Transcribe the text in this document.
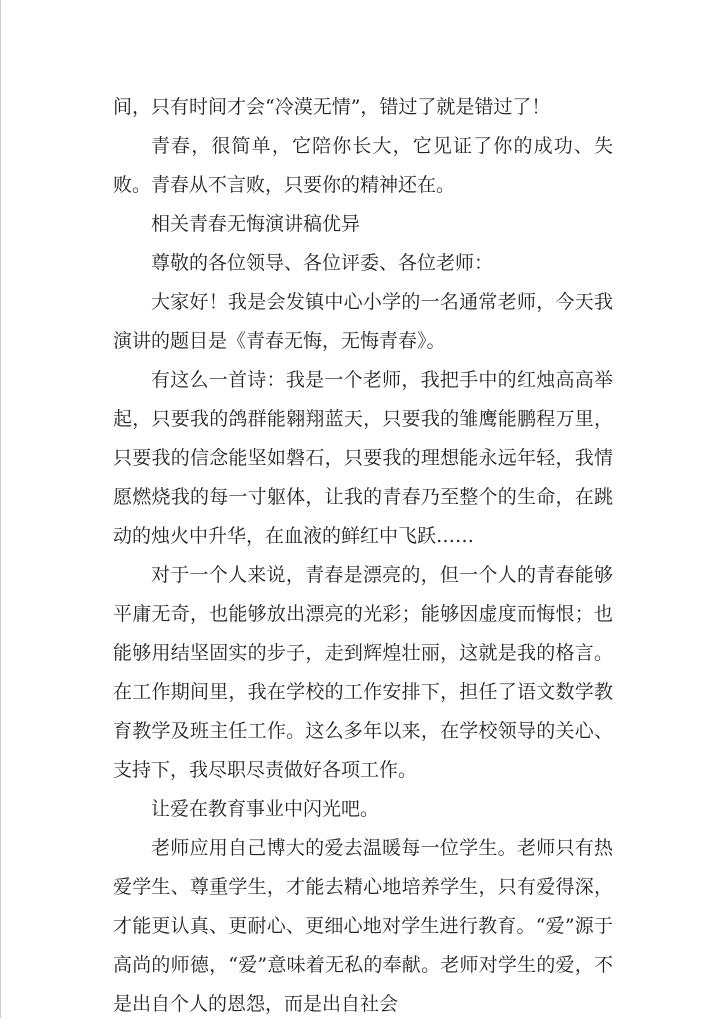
间，只有时间才会“冷漠无情”，错过了就是错过了！

青春，很简单，它陪你长大，它见证了你的成功、失败。青春从不言败，只要你的精神还在。

相关青春无悔演讲稿优异

尊敬的各位领导、各位评委、各位老师：

大家好！我是会发镇中心小学的一名通常老师，今天我演讲的题目是《青春无悔，无悔青春》。

有这么一首诗：我是一个老师，我把手中的红烛高高举起，只要我的鸽群能翱翔蓝天，只要我的雏鹰能鹏程万里，只要我的信念能坚如磐石，只要我的理想能永远年轻，我情愿燃烧我的每一寸躯体，让我的青春乃至整个的生命，在跳动的烛火中升华，在血液的鲜红中飞跃……

对于一个人来说，青春是漂亮的，但一个人的青春能够平庸无奇，也能够放出漂亮的光彩；能够因虚度而悔恨；也能够用结坚固实的步子，走到辉煌壮丽，这就是我的格言。在工作期间里，我在学校的工作安排下，担任了语文数学教育教学及班主任工作。这么多年以来，在学校领导的关心、支持下，我尽职尽责做好各项工作。

让爱在教育事业中闪光吧。

老师应用自己博大的爱去温暖每一位学生。老师只有热爱学生、尊重学生，才能去精心地培养学生，只有爱得深，才能更认真、更耐心、更细心地对学生进行教育。“爱”源于高尚的师德，“爱”意味着无私的奉献。老师对学生的爱，不是出自个人的恩怨，而是出自社会
